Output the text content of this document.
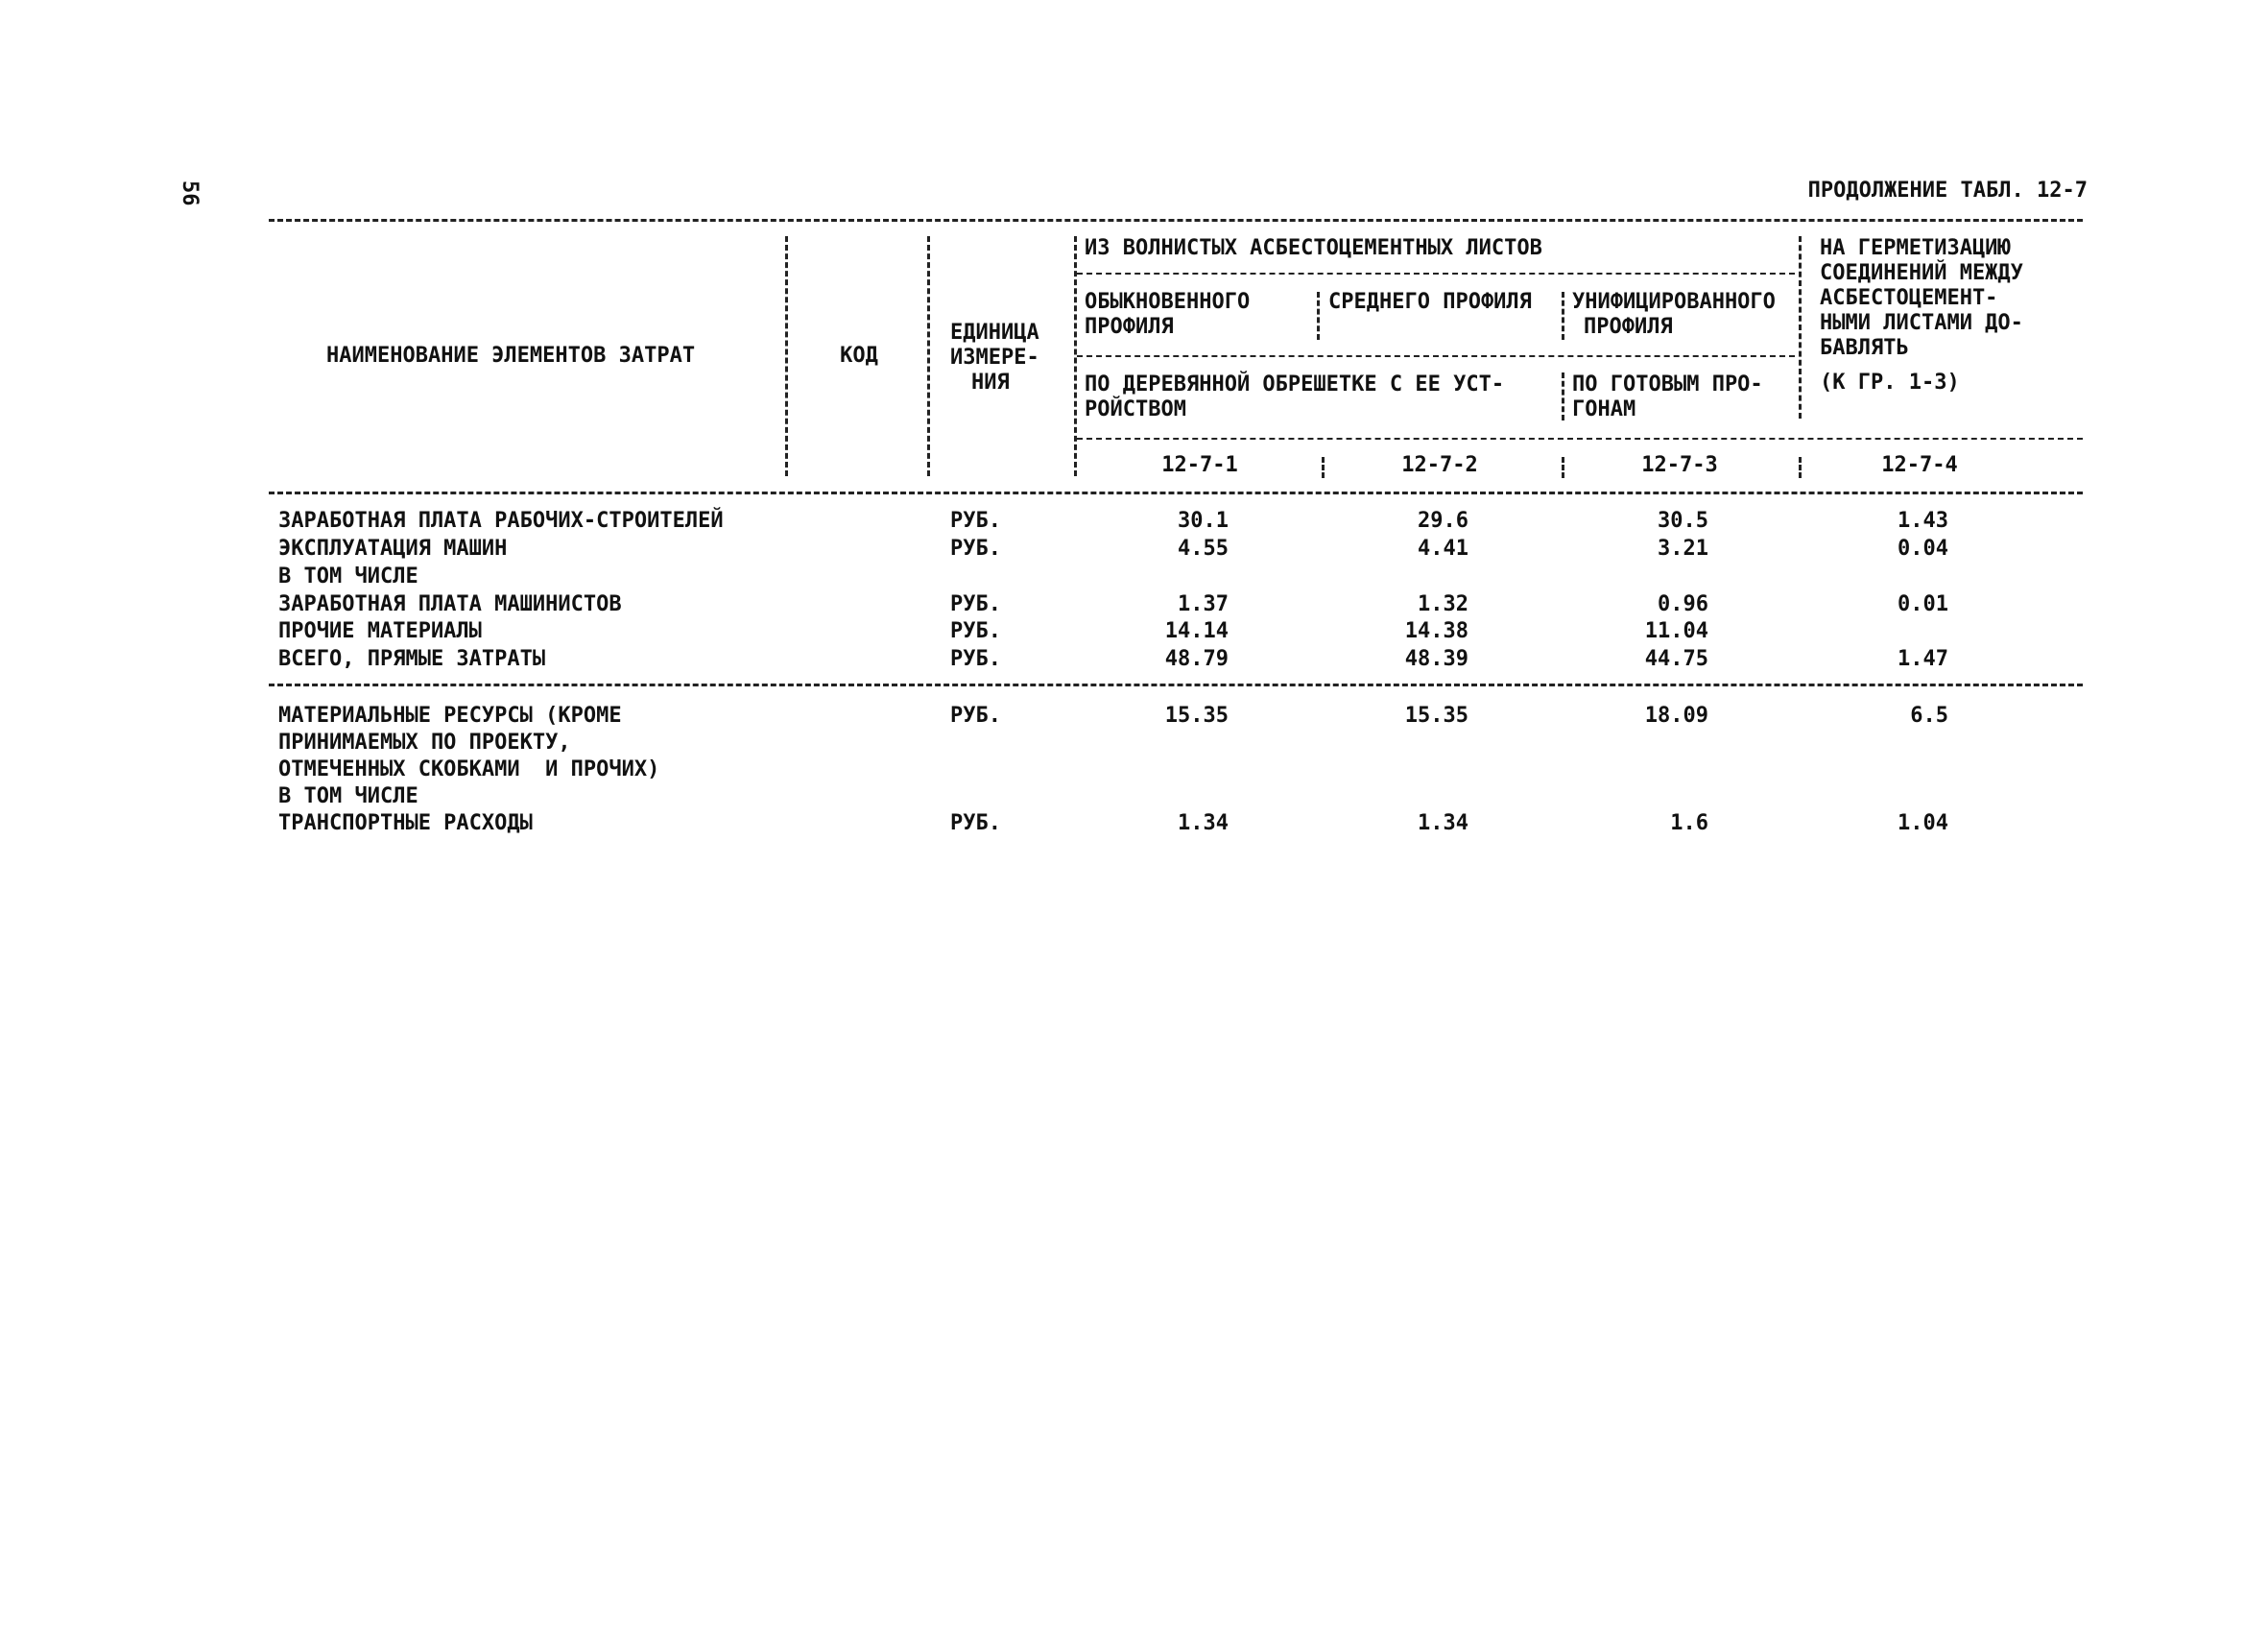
56	ПРОДОЛЖЕНИЕ ТАБЛ. 12-7
НАИМЕНОВАНИЕ ЭЛЕМЕНТОВ ЗАТРАТ	КОД
ЕДИНИЦА
ИЗМЕРЕ-
НИЯ
ИЗ ВОЛНИСТЫХ АСБЕСТОЦЕМЕНТНЫХ ЛИСТОВ
ОБЫКНОВЕННОГО
ПРОФИЛЯ
СРЕДНЕГО ПРОФИЛЯ УНИФИЦИРОВАННОГО
ПРОФИЛЯ
ПО ДЕРЕВЯННОЙ ОБРЕШЕТКЕ С ЕЕ УСТ-
РОЙСТВОМ
ПО ГОТОВЫМ ПРО-
ГОНАМ
НА ГЕРМЕТИЗАЦИЮ
СОЕДИНЕНИЙ МЕЖДУ
АСБЕСТОЦЕМЕНТ-
НЫМИ ЛИСТАМИ ДО-
БАВЛЯТЬ
(К ГР. 1-3)
12-7-1	12-7-2	12-7-3	12-7-4
ЗАРАБОТНАЯ ПЛАТА РАБОЧИХ-СТРОИТЕЛЕЙ	РУБ.	30.1	29.6	30.5	1.43
ЭКСПЛУАТАЦИЯ МАШИН	РУБ.	4.55	4.41	3.21	0.04
В ТОМ ЧИСЛЕ
ЗАРАБОТНАЯ ПЛАТА МАШИНИСТОВ	РУБ.	1.37	1.32	0.96	0.01
ПРОЧИЕ МАТЕРИАЛЫ	РУБ.	14.14	14.38	11.04
ВСЕГО, ПРЯМЫЕ ЗАТРАТЫ	РУБ.	48.79	48.39	44.75	1.47
МАТЕРИАЛЬНЫЕ РЕСУРСЫ (КРОМЕ	РУБ.	15.35	15.35	18.09	6.5
ПРИНИМАЕМЫХ ПО ПРОЕКТУ,
ОТМЕЧЕННЫХ СКОБКАМИ  И ПРОЧИХ)
В ТОМ ЧИСЛЕ
ТРАНСПОРТНЫЕ РАСХОДЫ	РУБ.	1.34	1.34	1.6	1.04
